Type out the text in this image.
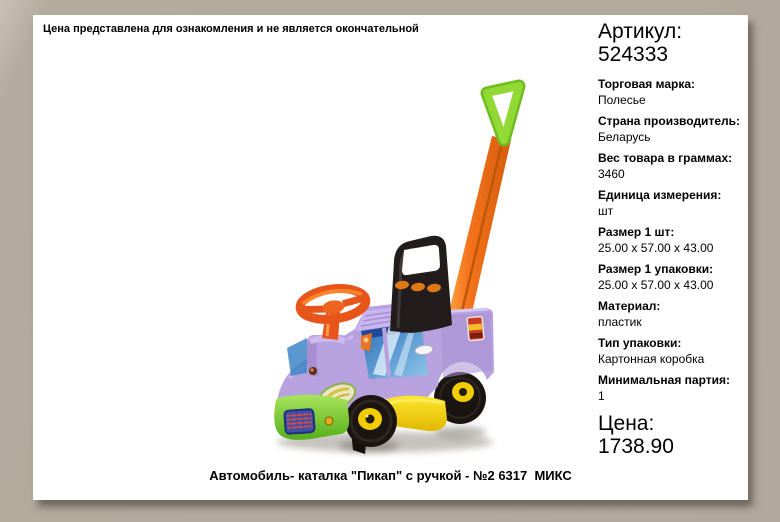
Цена представлена для ознакомления и не является окончательной	Артикул:
524333
Торговая марка:
Полесье
Страна производитель:
Беларусь
Вес товара в граммах:
3460
Единица измерения:
шт
Размер 1 шт:
25.00 x 57.00 x 43.00
Размер 1 упаковки:
25.00 x 57.00 x 43.00
Материал:
пластик
Тип упаковки:
Картонная коробка
Минимальная партия:
1
Цена:
1738.90
Автомобиль- каталка "Пикап" с ручкой - №2 6317  МИКС
